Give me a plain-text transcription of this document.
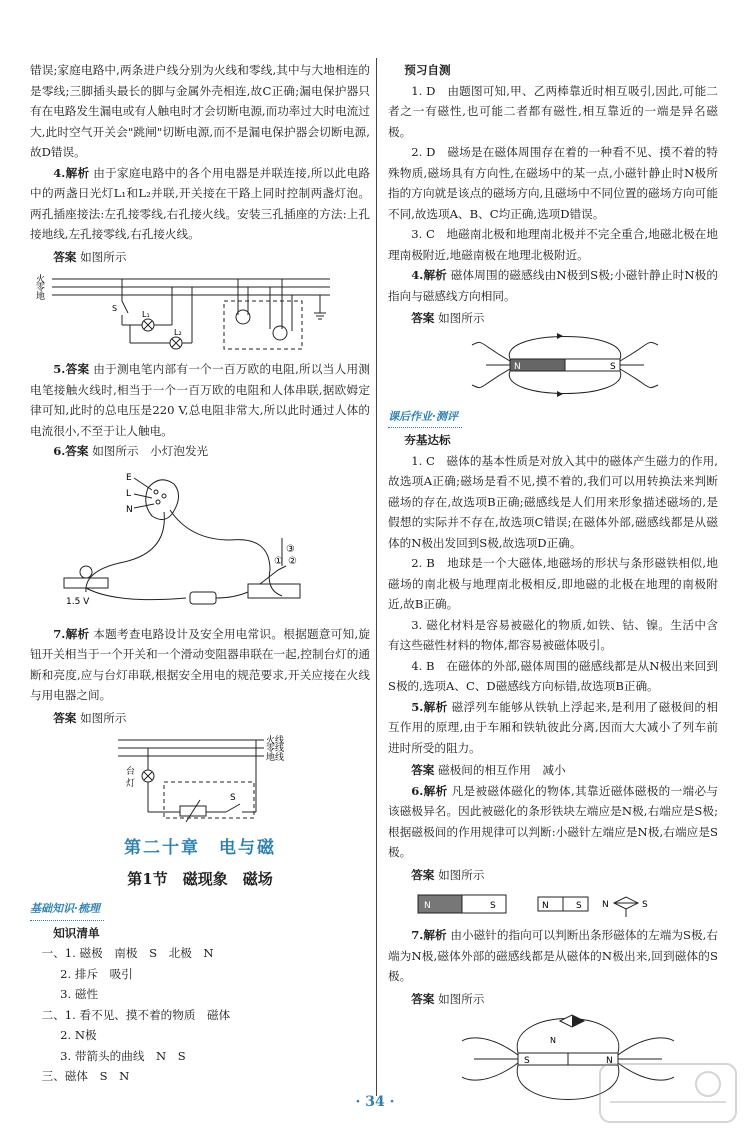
错误;家庭电路中,两条进户线分别为火线和零线,其中与大地相连的是零线;三脚插头最长的脚与金属外壳相连,故C正确;漏电保护器只有在电路发生漏电或有人触电时才会切断电源,而功率过大时电流过大,此时空气开关会"跳闸"切断电源,而不是漏电保护器会切断电源,故D错误。

4.解析 由于家庭电路中的各个用电器是并联连接,所以此电路中的两盏日光灯L₁和L₂并联,开关接在干路上同时控制两盏灯泡。两孔插座接法:左孔接零线,右孔接火线。安装三孔插座的方法:上孔接地线,左孔接零线,右孔接火线。

答案 如图所示

火
零
地
S
L₁
L₂

5.答案 由于测电笔内部有一个一百万欧的电阻,所以当人用测电笔接触火线时,相当于一个一百万欧的电阻和人体串联,据欧姆定律可知,此时的总电压是220 V,总电阻非常大,所以此时通过人体的电流很小,不至于让人触电。

6.答案 如图所示　小灯泡发光

E
L
N
③
① ②
1.5 V

7.解析 本题考查电路设计及安全用电常识。根据题意可知,旋钮开关相当于一个开关和一个滑动变阻器串联在一起,控制台灯的通断和亮度,应与台灯串联,根据安全用电的规范要求,开关应接在火线与用电器之间。

答案 如图所示

火线
零线
地线
台
灯
S
第二十章　电与磁
第1节　磁现象　磁场
基础知识·梳理

知识清单

一、1. 磁极　南极　S　北极　N

2. 排斥　吸引

3. 磁性

二、1. 看不见、摸不着的物质　磁体

2. N极

3. 带箭头的曲线　N　S

三、磁体　S　N

预习自测

1. D　由题图可知,甲、乙两棒靠近时相互吸引,因此,可能二者之一有磁性,也可能二者都有磁性,相互靠近的一端是异名磁极。

2. D　磁场是在磁体周围存在着的一种看不见、摸不着的特殊物质,磁场具有方向性,在磁场中的某一点,小磁针静止时N极所指的方向就是该点的磁场方向,且磁场中不同位置的磁场方向可能不同,故选项A、B、C均正确,选项D错误。

3. C　地磁南北极和地理南北极并不完全重合,地磁北极在地理南极附近,地磁南极在地理北极附近。

4.解析 磁体周围的磁感线由N极到S极;小磁针静止时N极的指向与磁感线方向相同。

答案 如图所示

N	S
课后作业·测评

夯基达标

1. C　磁体的基本性质是对放入其中的磁体产生磁力的作用,故选项A正确;磁场是看不见,摸不着的,我们可以用转换法来判断磁场的存在,故选项B正确;磁感线是人们用来形象描述磁场的,是假想的实际并不存在,故选项C错误;在磁体外部,磁感线都是从磁体的N极出发回到S极,故选项D正确。

2. B　地球是一个大磁体,地磁场的形状与条形磁铁相似,地磁场的南北极与地理南北极相反,即地磁的北极在地理的南极附近,故B正确。

3. 磁化材料是容易被磁化的物质,如铁、钴、镍。生活中含有这些磁性材料的物体,都容易被磁体吸引。

4. B　在磁体的外部,磁体周围的磁感线都是从N极出来回到S极的,选项A、C、D磁感线方向标错,故选项B正确。

5.解析 磁浮列车能够从铁轨上浮起来,是利用了磁极间的相互作用的原理,由于车厢和铁轨彼此分离,因而大大减小了列车前进时所受的阻力。

答案 磁极间的相互作用　减小

6.解析 凡是被磁体磁化的物体,其靠近磁体磁极的一端必与该磁极异名。因此被磁化的条形铁块左端应是N极,右端应是S极;根据磁极间的作用规律可以判断:小磁针左端应是N极,右端应是S极。

答案 如图所示

N	S	N	S N	S

7.解析 由小磁针的指向可以判断出条形磁体的左端为S极,右端为N极,磁体外部的磁感线都是从磁体的N极出来,回到磁体的S极。

答案 如图所示

S	N
N
· 34 ·
